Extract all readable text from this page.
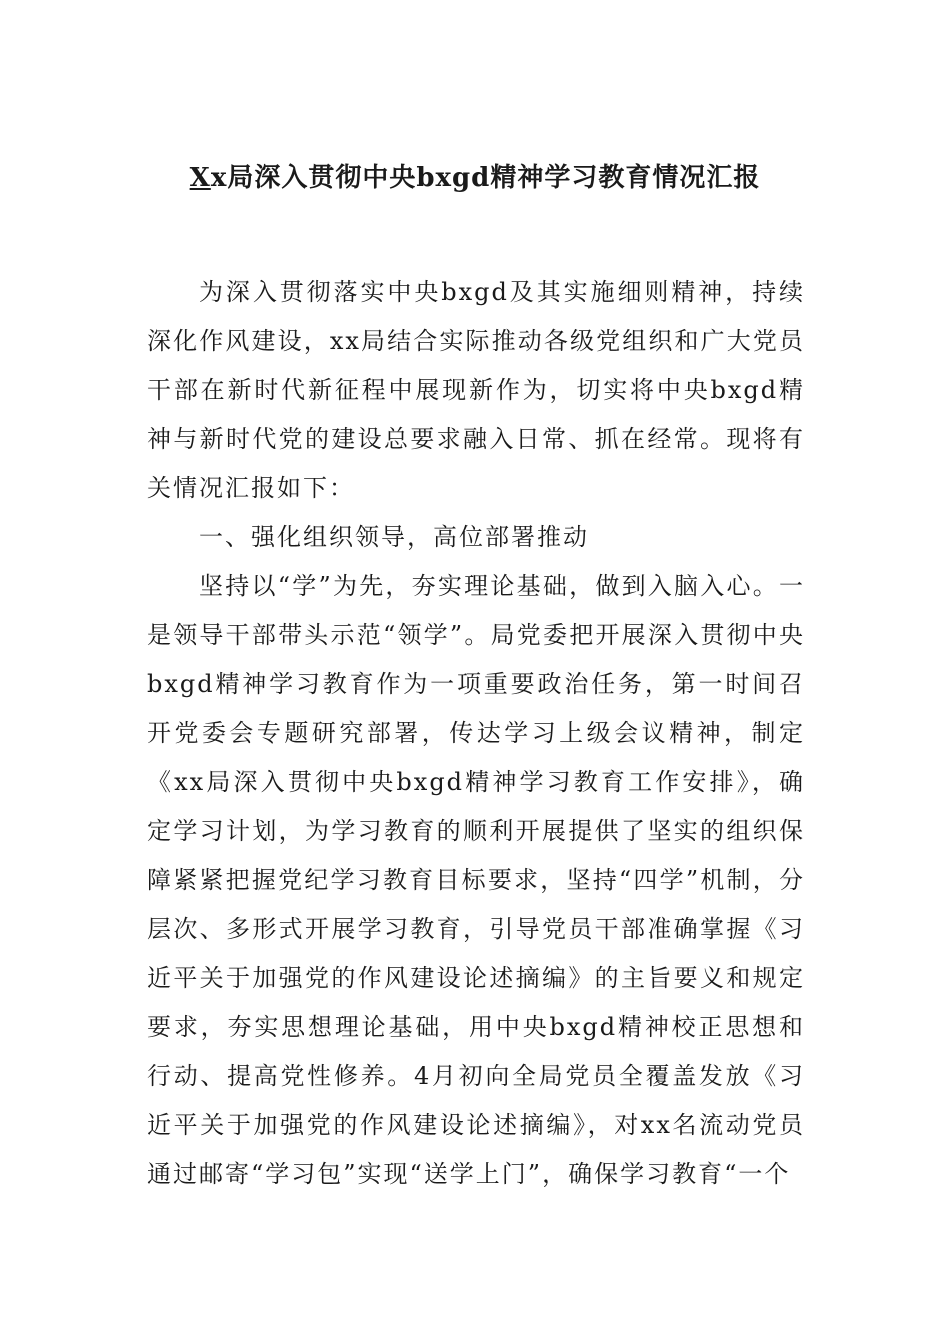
Xx局深入贯彻中央bxgd精神学习教育情况汇报

为深入贯彻落实中央bxgd及其实施细则精神，持续深化作风建设，xx局结合实际推动各级党组织和广大党员干部在新时代新征程中展现新作为，切实将中央bxgd精神与新时代党的建设总要求融入日常、抓在经常。现将有关情况汇报如下：

一、强化组织领导，高位部署推动

坚持以“学”为先，夯实理论基础，做到入脑入心。一是领导干部带头示范“领学”。局党委把开展深入贯彻中央bxgd精神学习教育作为一项重要政治任务，第一时间召开党委会专题研究部署，传达学习上级会议精神，制定《xx局深入贯彻中央bxgd精神学习教育工作安排》，确定学习计划，为学习教育的顺利开展提供了坚实的组织保障紧紧把握党纪学习教育目标要求，坚持“四学”机制，分层次、多形式开展学习教育，引导党员干部准确掌握《习近平关于加强党的作风建设论述摘编》的主旨要义和规定要求，夯实思想理论基础，用中央bxgd精神校正思想和行动、提高党性修养。4月初向全局党员全覆盖发放《习近平关于加强党的作风建设论述摘编》，对xx名流动党员通过邮寄“学习包”实现“送学上门”，确保学习教育“一个
